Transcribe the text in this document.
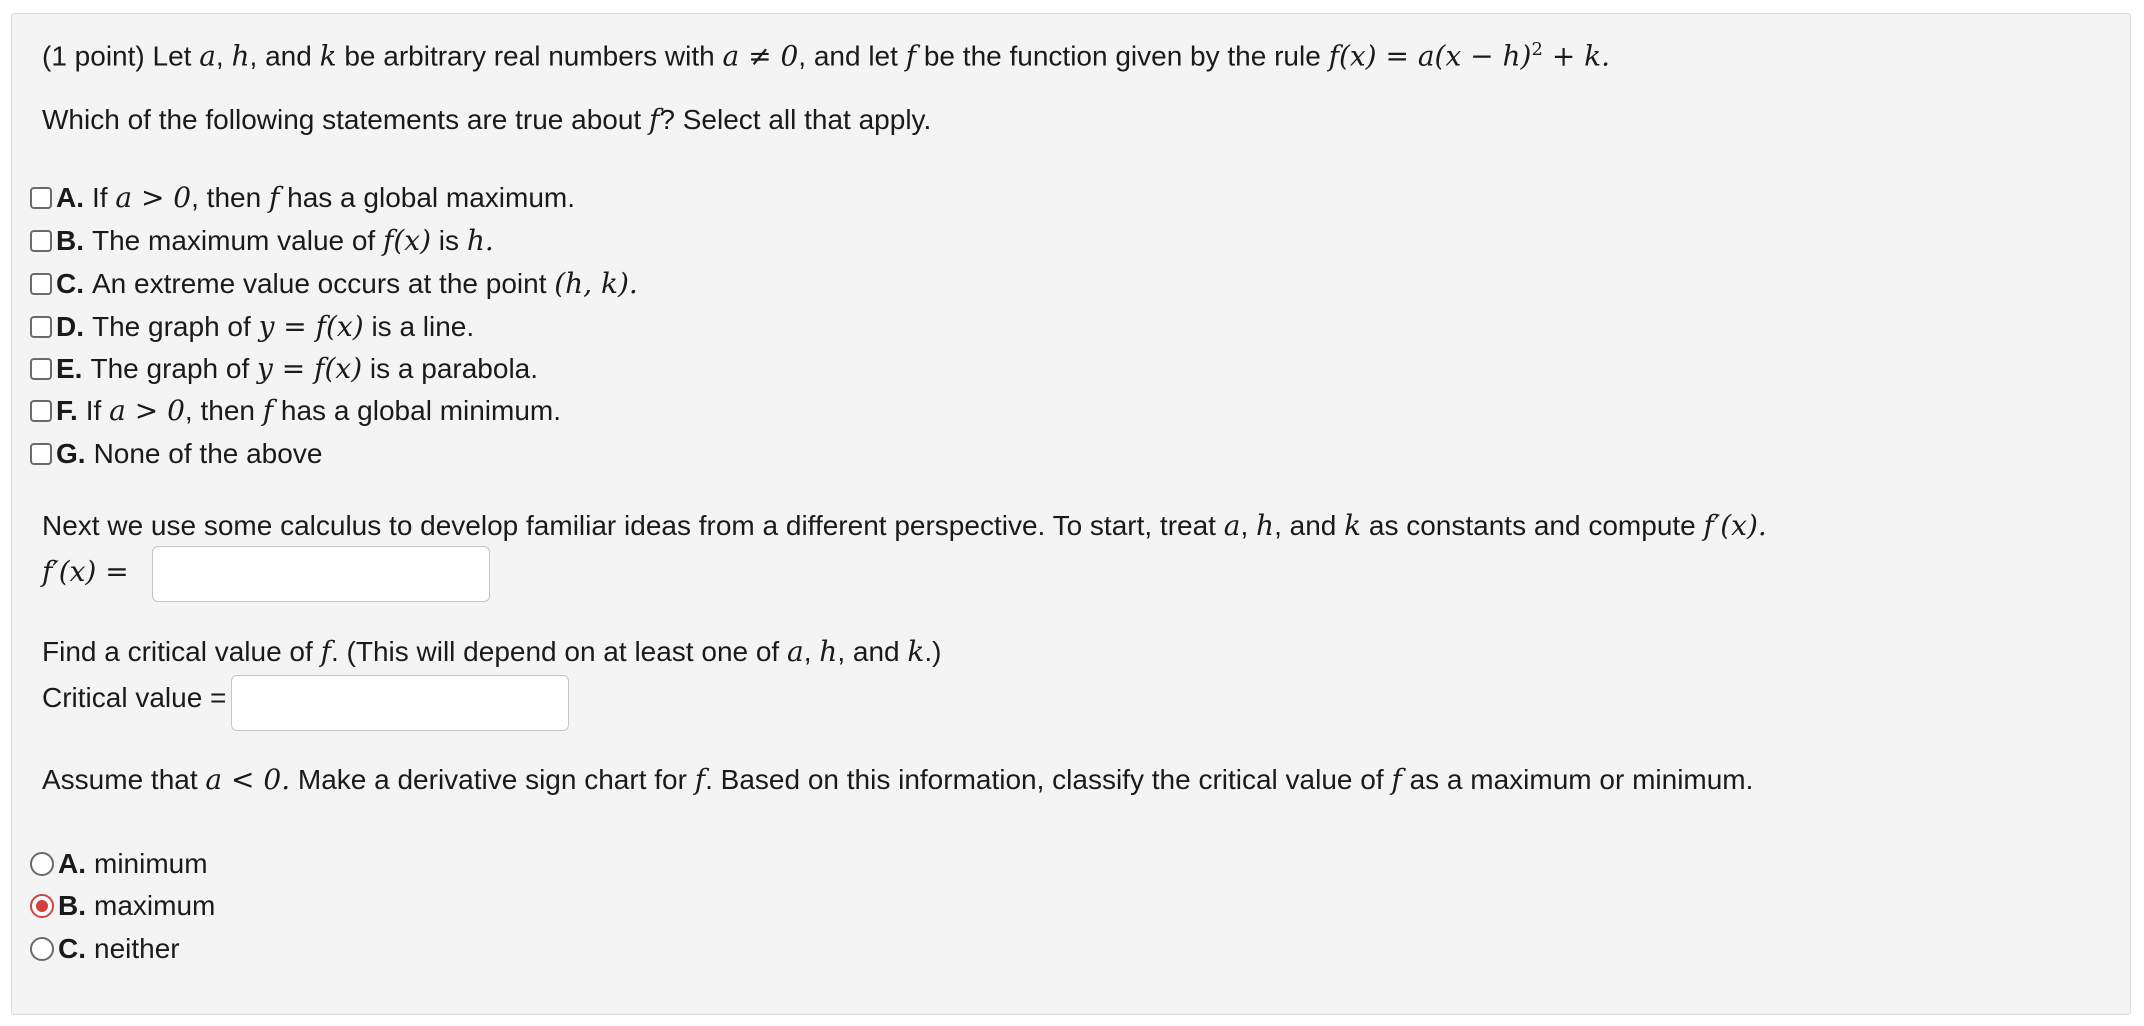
(1 point) Let a, h, and k be arbitrary real numbers with a ≠ 0, and let f be the function given by the rule $f(x) = a(x - h)^2 + k$.
Which of the following statements are true about f? Select all that apply.
A. If
a > 0 , then
f
has a global maximum.
B. The maximum value of
f(x)
is
h.
C. An extreme value occurs at the point
(h, k).
D. The graph of
y = f(x)
is a line.
E. The graph of
y = f(x)
is a parabola.
F. If
a > 0 , then
f
has a global minimum.
G. None of the above
Next we use some calculus to develop familiar ideas from a different perspective. To start, treat a, h, and k as constants and compute f′(x).
f′(x) =
Find a critical value of f. (This will depend on at least one of a, h, and k.)
Critical value =
Assume that a < 0. Make a derivative sign chart for f. Based on this information, classify the critical value of f as a maximum or minimum.
A. minimum
B. maximum
C. neither
